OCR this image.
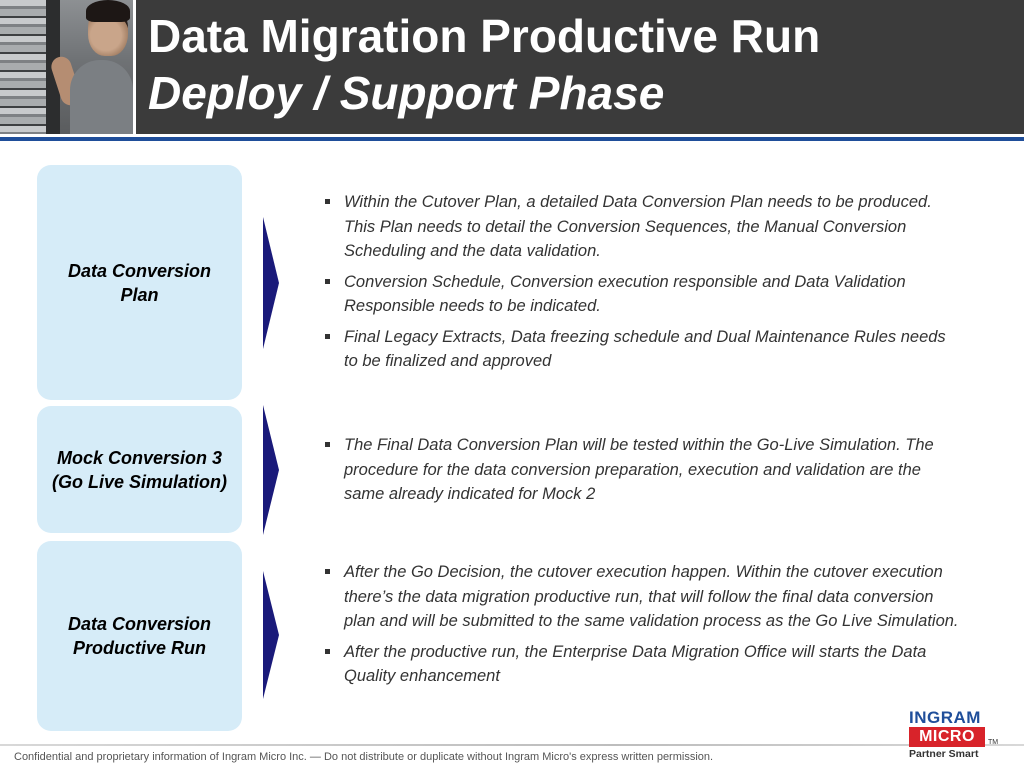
Data Migration Productive Run
Deploy / Support Phase
Data Conversion Plan
Within the Cutover Plan, a detailed Data Conversion Plan needs to be produced. This Plan needs to detail the Conversion Sequences, the Manual Conversion Scheduling and the data validation.
Conversion Schedule, Conversion execution responsible and Data Validation Responsible needs to be indicated.
Final Legacy Extracts, Data freezing schedule and Dual Maintenance Rules needs to be finalized and approved
Mock Conversion 3 (Go Live Simulation)
The Final Data Conversion Plan will be tested within the Go-Live Simulation. The procedure for the data conversion preparation, execution and validation are the same already indicated for Mock 2
Data Conversion Productive Run
After the Go Decision, the cutover execution happen. Within the cutover execution there’s the data migration productive run, that will follow the final data conversion plan and will be submitted to the same validation process as the Go Live Simulation.
After the productive run, the Enterprise Data Migration Office will starts the Data Quality enhancement
Confidential and proprietary information of Ingram Micro Inc. — Do not distribute or duplicate without Ingram Micro's express written permission.
INGRAM
MICRO	TM
Partner Smart
